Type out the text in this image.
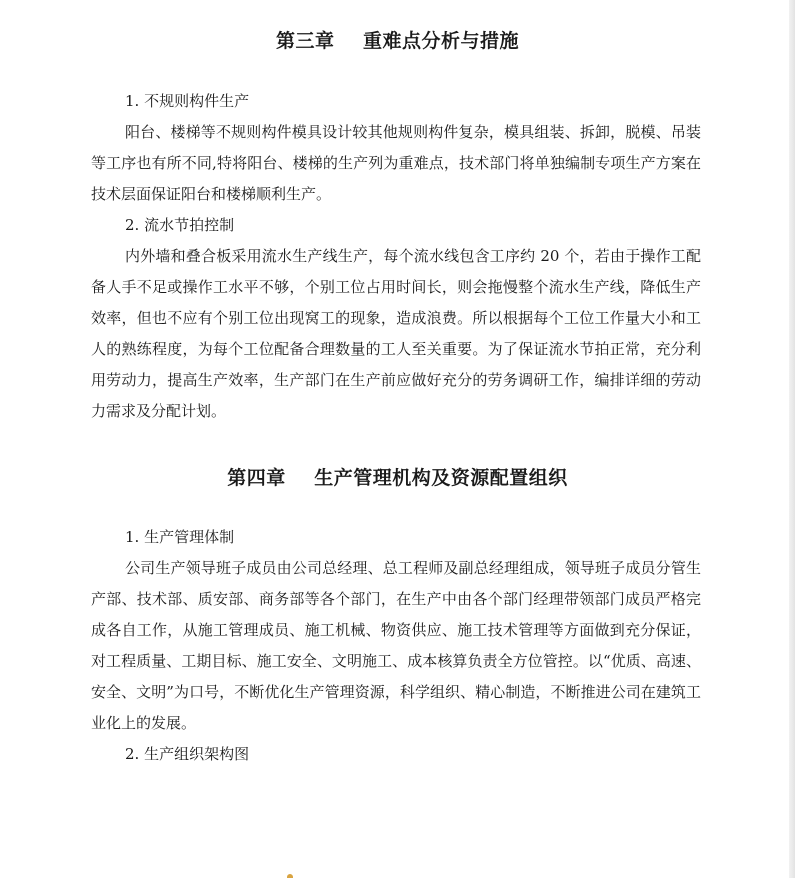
第三章    重难点分析与措施

1. 不规则构件生产

阳台、楼梯等不规则构件模具设计较其他规则构件复杂，模具组装、拆卸，脱模、吊装等工序也有所不同,特将阳台、楼梯的生产列为重难点，技术部门将单独编制专项生产方案在技术层面保证阳台和楼梯顺利生产。

2. 流水节拍控制

内外墙和叠合板采用流水生产线生产，每个流水线包含工序约 20 个，若由于操作工配备人手不足或操作工水平不够，个别工位占用时间长，则会拖慢整个流水生产线，降低生产效率，但也不应有个别工位出现窝工的现象，造成浪费。所以根据每个工位工作量大小和工人的熟练程度，为每个工位配备合理数量的工人至关重要。为了保证流水节拍正常，充分利用劳动力，提高生产效率，生产部门在生产前应做好充分的劳务调研工作，编排详细的劳动力需求及分配计划。

第四章    生产管理机构及资源配置组织

1. 生产管理体制

公司生产领导班子成员由公司总经理、总工程师及副总经理组成，领导班子成员分管生产部、技术部、质安部、商务部等各个部门，在生产中由各个部门经理带领部门成员严格完成各自工作，从施工管理成员、施工机械、物资供应、施工技术管理等方面做到充分保证，对工程质量、工期目标、施工安全、文明施工、成本核算负责全方位管控。以“优质、高速、安全、文明”为口号，不断优化生产管理资源，科学组织、精心制造，不断推进公司在建筑工业化上的发展。

2. 生产组织架构图
